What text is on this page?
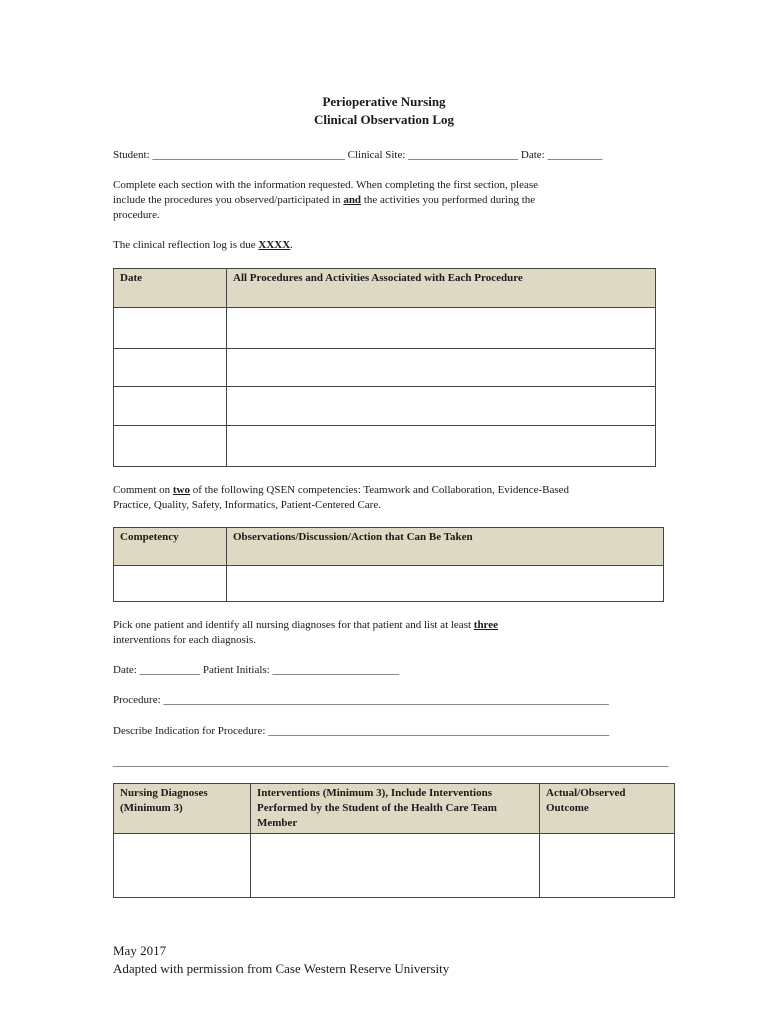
Perioperative Nursing
Clinical Observation Log
Student: ___________________________________ Clinical Site: ____________________ Date: __________
Complete each section with the information requested. When completing the first section, please
include the procedures you observed/participated in and the activities you performed during the
procedure.
The clinical reflection log is due XXXX.
Date	All Procedures and Activities Associated with Each Procedure

Comment on two of the following QSEN competencies: Teamwork and Collaboration, Evidence-Based
Practice, Quality, Safety, Informatics, Patient-Centered Care.
Competency	Observations/Discussion/Action that Can Be Taken

Pick one patient and identify all nursing diagnoses for that patient and list at least three
interventions for each diagnosis.
Date: ___________ Patient Initials: _______________________
Procedure: _________________________________________________________________________________
Describe Indication for Procedure: ______________________________________________________________
_____________________________________________________________________________________________________
Nursing Diagnoses (Minimum 3)	Interventions (Minimum 3), Include Interventions Performed by the Student of the Health Care Team Member	Actual/Observed Outcome

May 2017
Adapted with permission from Case Western Reserve University
